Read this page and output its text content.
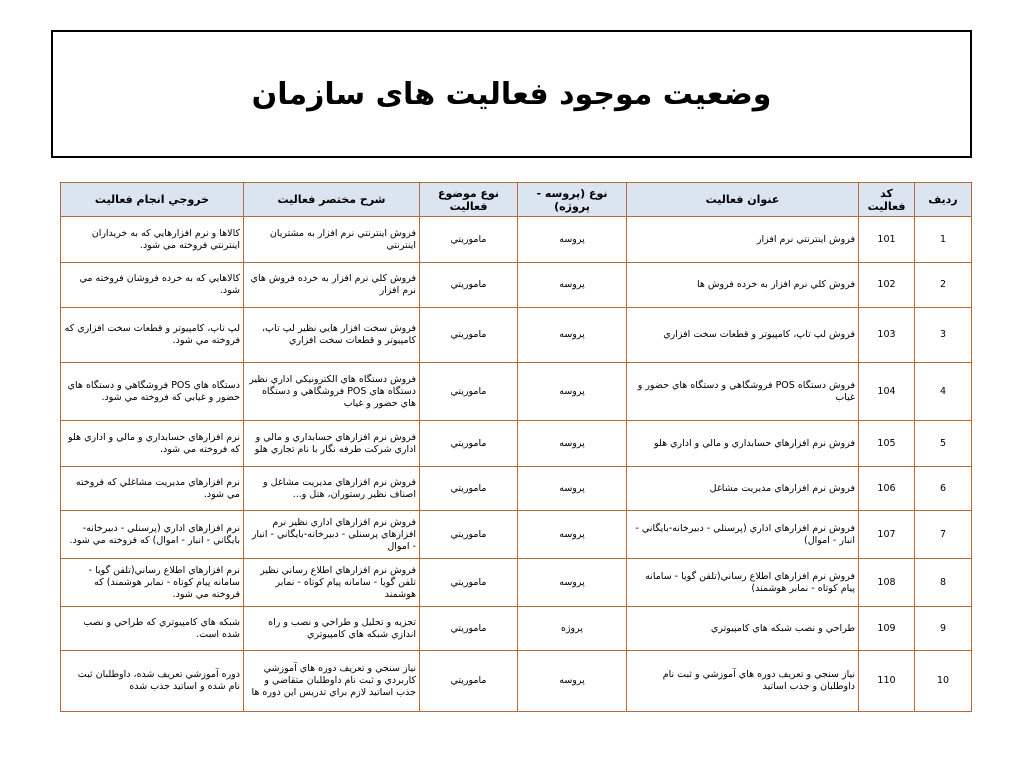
وضعیت موجود فعالیت های سازمان
رديف	كد فعاليت	عنوان فعاليت	نوع (پروسه - پروژه)	نوع موضوع فعاليت	شرح مختصر فعاليت	خروجي انجام فعاليت
1	101	فروش اينترنتي نرم افزار	پروسه	ماموريتي	فروش اينترنتي نرم افزار به مشتريان اينترنتي	كالاها و نرم افزارهايي كه به خريداران اينترنتي فروخته مي شود.
2	102	فروش كلي نرم افزار به خرده فروش ها	پروسه	ماموريتي	فروش كلي نرم افزار به خرده فروش هاي نرم افزار	كالاهايي كه به خرده فروشان فروخته مي شود.
3	103	فروش لپ تاپ، كامپيوتر و قطعات سخت افزاري	پروسه	ماموريتي	فروش سخت افزار هايي نظير لپ تاپ، كامپيوتر و قطعات سخت افزاري	لپ تاپ، كامپيوتر و قطعات سخت افزاري كه فروخته مي شود.
4	104	فروش دستگاه POS فروشگاهي و دستگاه هاي حضور و غياب	پروسه	ماموريتي	فروش دستگاه هاي الكترونيكي اداري نظير دستگاه هاي POS فروشگاهي و دستگاه هاي حضور و غياب	دستگاه هاي POS فروشگاهي و دستگاه هاي حضور و غيابي كه فروخته مي شود.
5	105	فروش نرم افزارهاي حسابداري و مالي و اداري هلو	پروسه	ماموريتي	فروش نرم افزارهاي حسابداري و مالي و اداري شركت طرفه نگار با نام تجاري هلو	نرم افزارهاي حسابداري و مالي و اداري هلو كه فروخته مي شود.
6	106	فروش نرم افزارهاي مديريت مشاغل	پروسه	ماموريتي	فروش نرم افزارهاي مديريت مشاغل و اصناف نظير رستوران، هتل و...	نرم افزارهاي مديريت مشاغلي كه فروخته مي شود.
7	107	فروش نرم افزارهاي اداري (پرسنلي - دبيرخانه-بايگاني - انبار - اموال)	پروسه	ماموريتي	فروش نرم افزارهاي اداري نظير نرم افزارهاي پرسنلي - دبيرخانه-بايگاني - انبار - اموال	نرم افزارهاي اداري (پرسنلي - دبيرخانه-بايگاني - انبار - اموال) كه فروخته مي شود.
8	108	فروش نرم افزارهاي اطلاع رساني(تلفن گويا - سامانه پيام كوتاه - نمابر هوشمند)	پروسه	ماموريتي	فروش نرم افزارهاي اطلاع رساني نظير تلفن گويا - سامانه پيام كوتاه - نمابر هوشمند	نرم افزارهاي اطلاع رساني(تلفن گويا - سامانه پيام كوتاه - نمابر هوشمند) كه فروخته مي شود.
9	109	طراحي و نصب شبكه هاي كامپيوتري	پروژه	ماموريتي	تجزيه و تحليل و طراحي و نصب و راه اندازي شبكه هاي كامپيوتري	شبكه هاي كامپيوتري كه طراحي و نصب شده است.
10	110	نياز سنجي و تعريف دوره هاي آموزشي و ثبت نام داوطلبان و جذب اساتيد	پروسه	ماموريتي	نياز سنجي و تعريف دوره هاي آموزشي كاربردي و ثبت نام داوطلبان متقاضي و جذب اساتيد لازم براي تدريس اين دوره ها	دوره آموزشي تعريف شده، داوطلبان ثبت نام شده و اساتيد جذب شده
